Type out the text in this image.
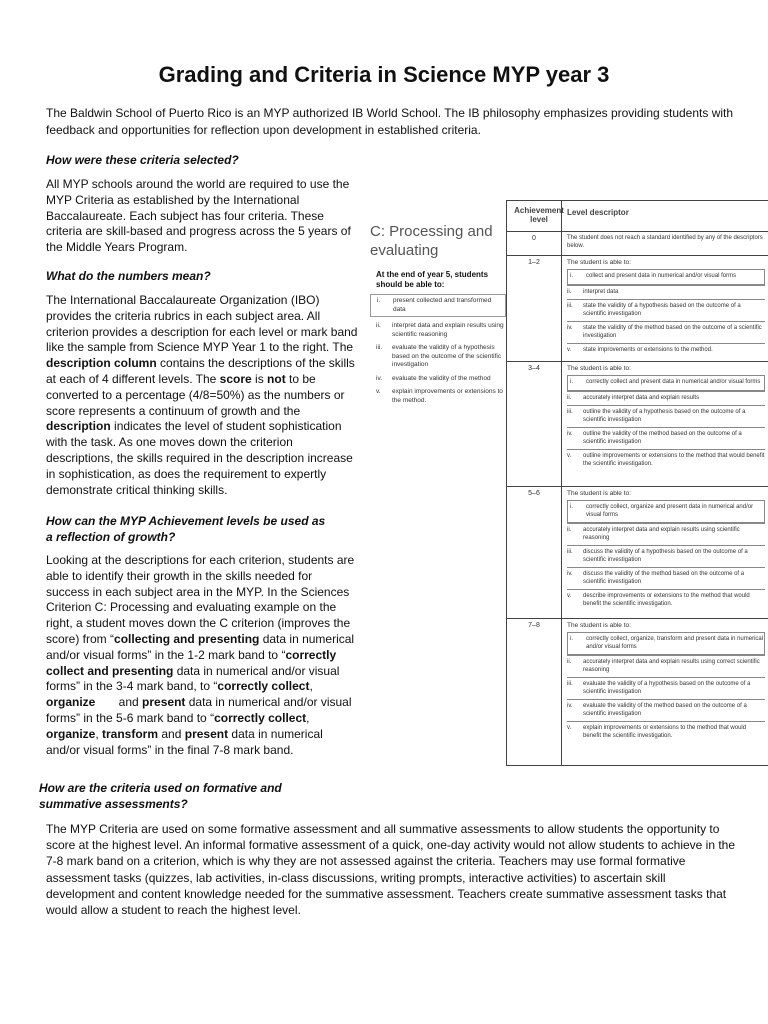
Grading and Criteria in Science MYP year 3

The Baldwin School of Puerto Rico is an MYP authorized IB World School. The IB philosophy emphasizes providing students with feedback and opportunities for reflection upon development in established criteria.

How were these criteria selected?

All MYP schools around the world are required to use the MYP Criteria as established by the International Baccalaureate. Each subject has four criteria. These criteria are skill-based and progress across the 5 years of the Middle Years Program.

What do the numbers mean?

The International Baccalaureate Organization (IBO) provides the criteria rubrics in each subject area. All criterion provides a description for each level or mark band like the sample from Science MYP Year 1 to the right. The description column contains the descriptions of the skills at each of 4 different levels. The score is not to be converted to a percentage (4/8=50%) as the numbers or score represents a continuum of growth and the description indicates the level of student sophistication with the task. As one moves down the criterion descriptions, the skills required in the description increase in sophistication, as does the requirement to expertly demonstrate critical thinking skills.

How can the MYP Achievement levels be used as
a reflection of growth?

Looking at the descriptions for each criterion, students are able to identify their growth in the skills needed for success in each subject area in the MYP. In the Sciences Criterion C: Processing and evaluating example on the right, a student moves down the C criterion (improves the score) from “collecting and presenting data in numerical and/or visual forms” in the 1-2 mark band to “correctly collect and presenting data in numerical and/or visual forms” in the 3-4 mark band, to “correctly collect, organize       and present data in numerical and/or visual forms” in the 5-6 mark band to “correctly collect, organize, transform and present data in numerical and/or visual forms” in the final 7-8 mark band.

How are the criteria used on formative and
summative assessments?

The MYP Criteria are used on some formative assessment and all summative assessments to allow students the opportunity to score at the highest level. An informal formative assessment of a quick, one-day activity would not allow students to achieve in the 7-8 mark band on a criterion, which is why they are not assessed against the criteria. Teachers may use formal formative assessment tasks (quizzes, lab activities, in-class discussions, writing prompts, interactive activities) to ascertain skill development and content knowledge needed for the summative assessment. Teachers create summative assessment tasks that would allow a student to reach the highest level.

C: Processing and evaluating

At the end of year 5, students should be able to:

i.	present collected and transformed data
ii.	interpret data and explain results using scientific reasoning
iii.	evaluate the validity of a hypothesis based on the outcome of the scientific investigation
iv.	evaluate the validity of the method
v.	explain improvements or extensions to the method.
Achievement level
Level descriptor
0	The student does not reach a standard identified by any of the descriptors below.
1–2	The student is able to:

i.	collect and present data in numerical and/or visual forms
ii.	interpret data
iii.	state the validity of a hypothesis based on the outcome of a scientific investigation
iv.	state the validity of the method based on the outcome of a scientific investigation
v.	state improvements or extensions to the method.
3–4	The student is able to:

i.	correctly collect and present data in numerical and/or visual forms
ii.	accurately interpret data and explain results
iii.	outline the validity of a hypothesis based on the outcome of a scientific investigation
iv.	outline the validity of the method based on the outcome of a scientific investigation
v.	outline improvements or extensions to the method that would benefit the scientific investigation.
5–6	The student is able to:

i.	correctly collect, organize and present data in numerical and/or visual forms
ii.	accurately interpret data and explain results using scientific reasoning
iii.	discuss the validity of a hypothesis based on the outcome of a scientific investigation
iv.	discuss the validity of the method based on the outcome of a scientific investigation
v.	describe improvements or extensions to the method that would benefit the scientific investigation.
7–8	The student is able to:

i.	correctly collect, organize, transform and present data in numerical and/or visual forms
ii.	accurately interpret data and explain results using correct scientific reasoning
iii.	evaluate the validity of a hypothesis based on the outcome of a scientific investigation
iv.	evaluate the validity of the method based on the outcome of a scientific investigation
v.	explain improvements or extensions to the method that would benefit the scientific investigation.
